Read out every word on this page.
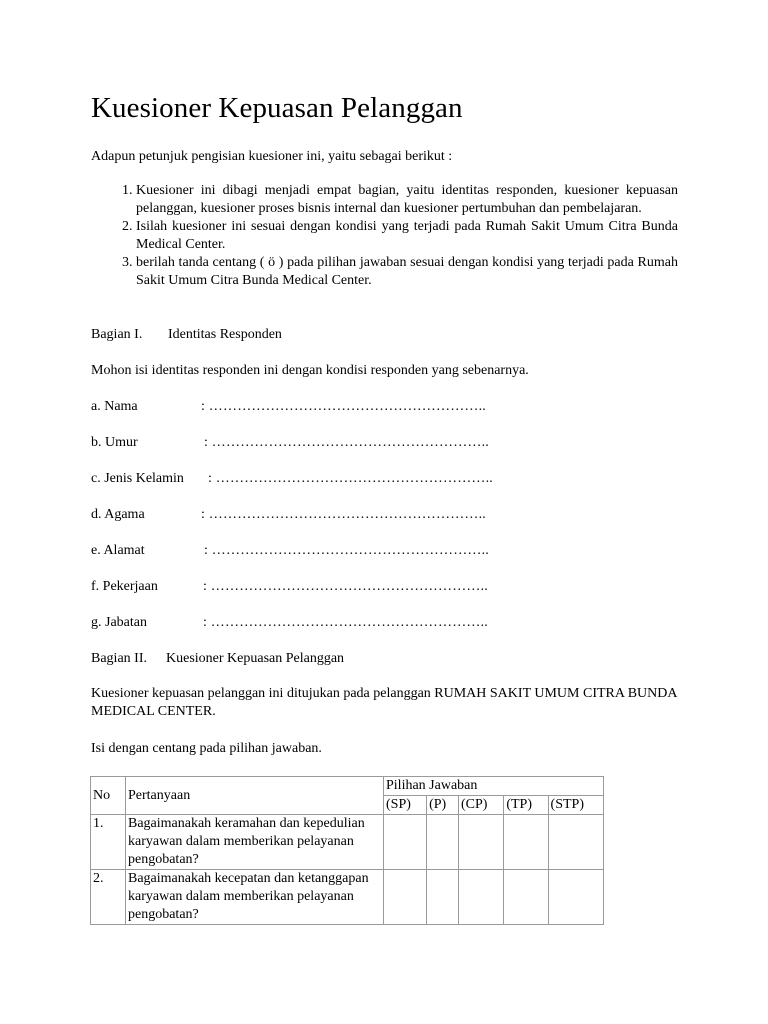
Kuesioner Kepuasan Pelanggan
Adapun petunjuk pengisian kuesioner ini, yaitu sebagai berikut :
1. Kuesioner ini dibagi menjadi empat bagian, yaitu identitas responden, kuesioner kepuasan pelanggan, kuesioner proses bisnis internal dan kuesioner pertumbuhan dan pembelajaran.
2. Isilah kuesioner ini sesuai dengan kondisi yang terjadi pada Rumah Sakit Umum Citra Bunda Medical Center.
3. berilah tanda centang ( ö ) pada pilihan jawaban sesuai dengan kondisi yang terjadi pada Rumah Sakit Umum Citra Bunda Medical Center.
Bagian I.	Identitas Responden
Mohon isi identitas responden ini dengan kondisi responden yang sebenarnya.
a. Nama	: …………………………………………………..
b. Umur	: …………………………………………………..
c. Jenis Kelamin	: …………………………………………………..
d. Agama	: …………………………………………………..
e. Alamat	: …………………………………………………..
f. Pekerjaan	: …………………………………………………..
g. Jabatan	: …………………………………………………..
Bagian II.	Kuesioner Kepuasan Pelanggan
Kuesioner kepuasan pelanggan ini ditujukan pada pelanggan RUMAH SAKIT UMUM CITRA BUNDA MEDICAL CENTER.
Isi dengan centang pada pilihan jawaban.
No	Pertanyaan	Pilihan Jawaban				
		(SP)	(P)	(CP)	(TP)	(STP)
1.	Bagaimanakah keramahan dan kepedulian karyawan dalam memberikan pelayanan pengobatan?					
2.	Bagaimanakah kecepatan dan ketanggapan karyawan dalam memberikan pelayanan pengobatan?					
